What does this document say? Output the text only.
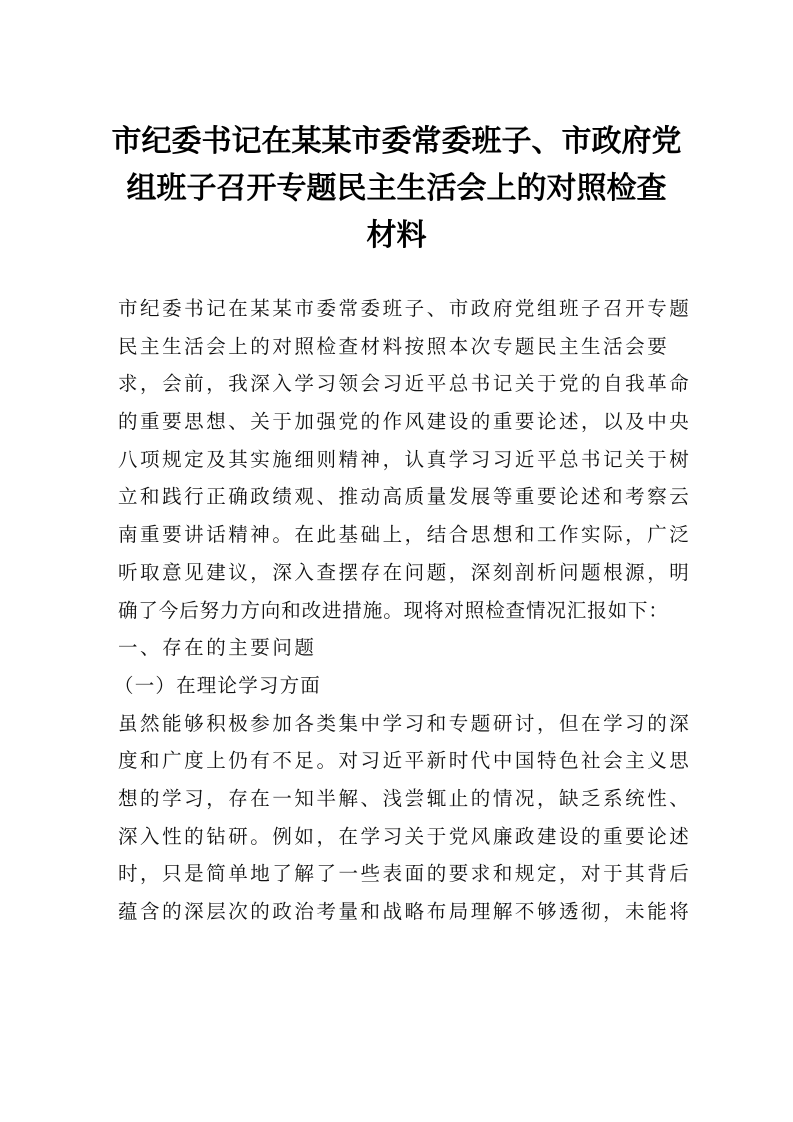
市纪委书记在某某市委常委班子、市政府党
组班子召开专题民主生活会上的对照检查
材料
市纪委书记在某某市委常委班子、市政府党组班子召开专题
民主生活会上的对照检查材料按照本次专题民主生活会要
求，会前，我深入学习领会习近平总书记关于党的自我革命
的重要思想、关于加强党的作风建设的重要论述，以及中央
八项规定及其实施细则精神，认真学习习近平总书记关于树
立和践行正确政绩观、推动高质量发展等重要论述和考察云
南重要讲话精神。在此基础上，结合思想和工作实际，广泛
听取意见建议，深入查摆存在问题，深刻剖析问题根源，明
确了今后努力方向和改进措施。现将对照检查情况汇报如下：
一、存在的主要问题
（一）在理论学习方面
虽然能够积极参加各类集中学习和专题研讨，但在学习的深
度和广度上仍有不足。对习近平新时代中国特色社会主义思
想的学习，存在一知半解、浅尝辄止的情况，缺乏系统性、
深入性的钻研。例如，在学习关于党风廉政建设的重要论述
时，只是简单地了解了一些表面的要求和规定，对于其背后
蕴含的深层次的政治考量和战略布局理解不够透彻，未能将
